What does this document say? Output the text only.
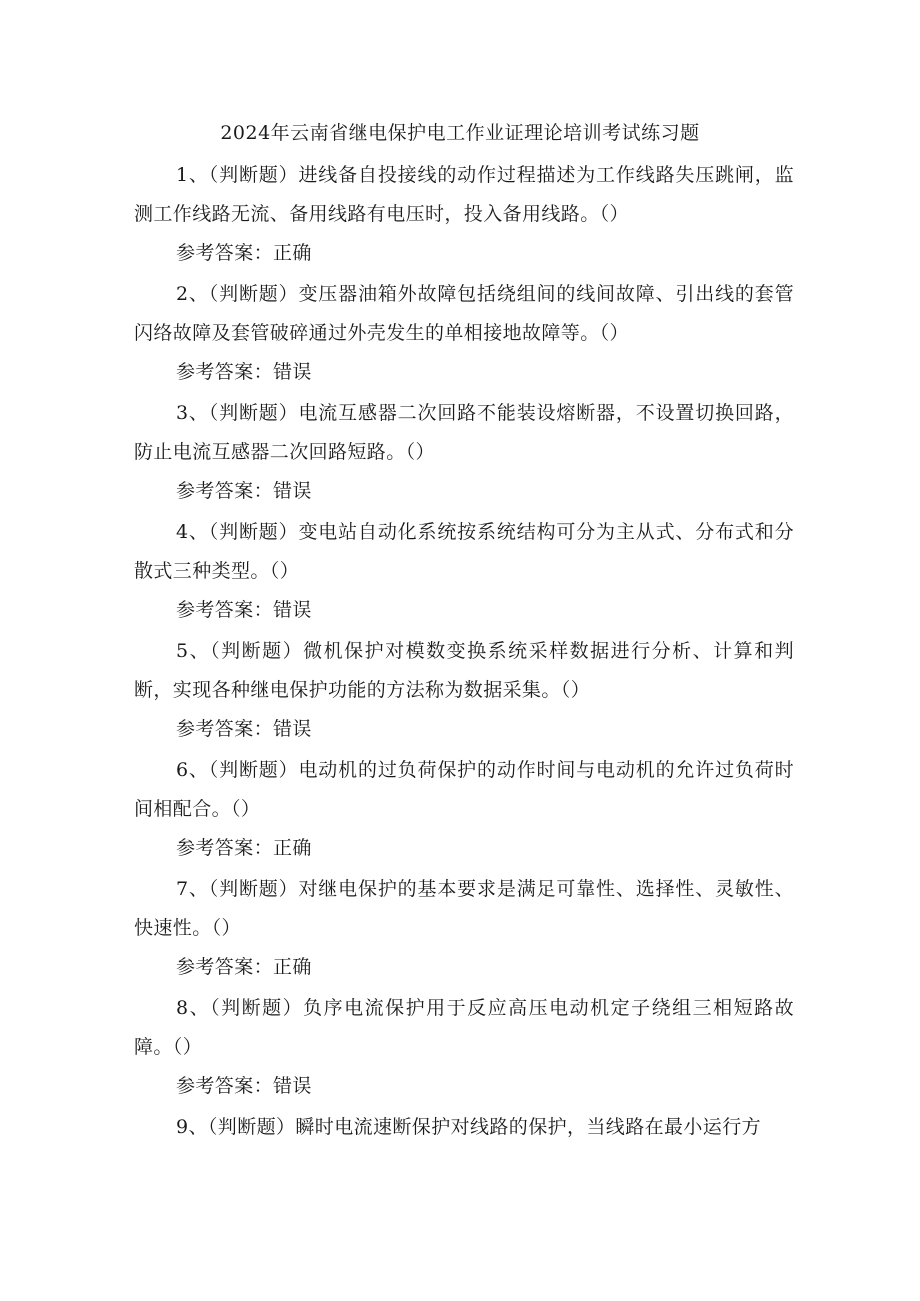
2024年云南省继电保护电工作业证理论培训考试练习题

1、（判断题）进线备自投接线的动作过程描述为工作线路失压跳闸，监测工作线路无流、备用线路有电压时，投入备用线路。（）

参考答案：正确

2、（判断题）变压器油箱外故障包括绕组间的线间故障、引出线的套管闪络故障及套管破碎通过外壳发生的单相接地故障等。（）

参考答案：错误

3、（判断题）电流互感器二次回路不能装设熔断器，不设置切换回路，防止电流互感器二次回路短路。（）

参考答案：错误

4、（判断题）变电站自动化系统按系统结构可分为主从式、分布式和分散式三种类型。（）

参考答案：错误

5、（判断题）微机保护对模数变换系统采样数据进行分析、计算和判断，实现各种继电保护功能的方法称为数据采集。（）

参考答案：错误

6、（判断题）电动机的过负荷保护的动作时间与电动机的允许过负荷时间相配合。（）

参考答案：正确

7、（判断题）对继电保护的基本要求是满足可靠性、选择性、灵敏性、快速性。（）

参考答案：正确

8、（判断题）负序电流保护用于反应高压电动机定子绕组三相短路故障。（）

参考答案：错误

9、（判断题）瞬时电流速断保护对线路的保护，当线路在最小运行方
